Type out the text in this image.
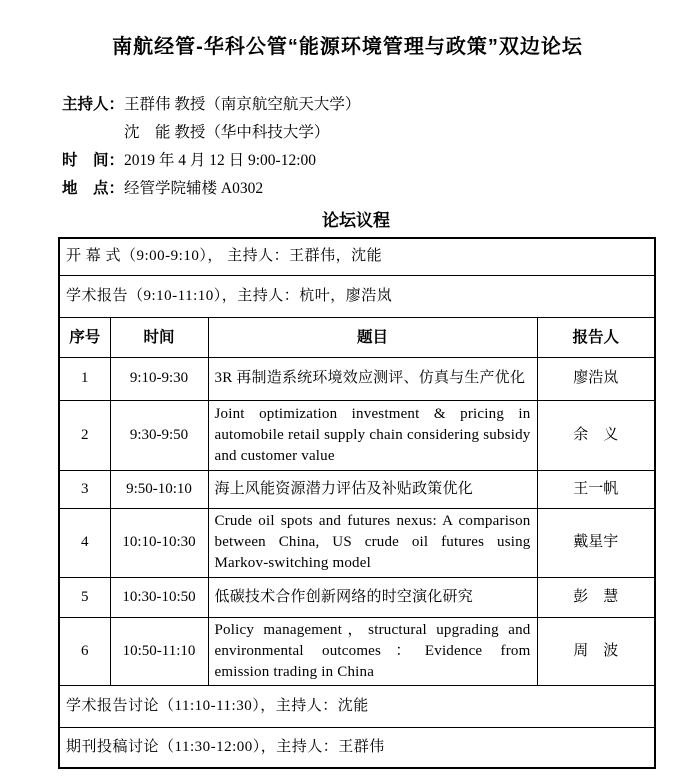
南航经管-华科公管“能源环境管理与政策”双边论坛
主持人：王群伟 教授（南京航空航天大学）
沈　能 教授（华中科技大学）
时　间：2019 年 4 月 12 日 9:00-12:00
地　点：经管学院辅楼 A0302
论坛议程
开 幕 式（9:00-9:10）， 主持人：王群伟，沈能			
学术报告（9:10-11:10），主持人：杭叶，廖浩岚			
序号	时间	题目	报告人
1	9:10-9:30	3R 再制造系统环境效应测评、仿真与生产优化	廖浩岚
2	9:30-9:50	Joint optimization investment & pricing in automobile retail supply chain considering subsidy and customer value	余　义
3	9:50-10:10	海上风能资源潜力评估及补贴政策优化	王一帆
4	10:10-10:30	Crude oil spots and futures nexus: A comparison between China, US crude oil futures using Markov-switching model	戴星宇
5	10:30-10:50	低碳技术合作创新网络的时空演化研究	彭　慧
6	10:50-11:10	Policy management，structural upgrading and environmental outcomes：Evidence from emission trading in China	周　波
学术报告讨论（11:10-11:30），主持人：沈能			
期刊投稿讨论（11:30-12:00），主持人：王群伟			
